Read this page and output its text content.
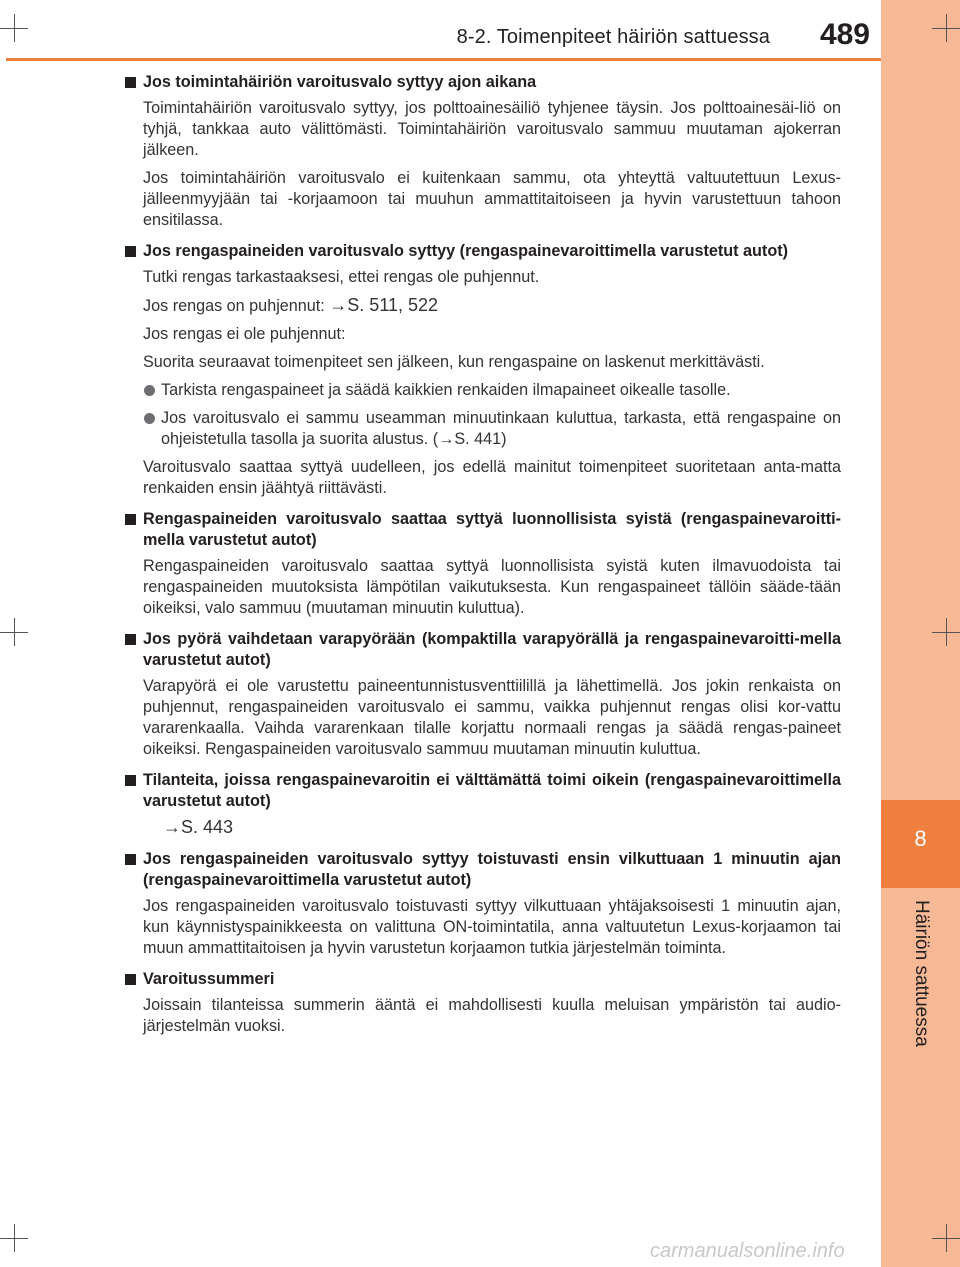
8
Häiriön sattuessa
8-2. Toimenpiteet häiriön sattuessa	489
Jos toimintahäiriön varoitusvalo syttyy ajon aikana

Toimintahäiriön varoitusvalo syttyy, jos polttoainesäiliö tyhjenee täysin. Jos polttoainesäi-liö on tyhjä, tankkaa auto välittömästi. Toimintahäiriön varoitusvalo sammuu muutaman ajokerran jälkeen.

Jos toimintahäiriön varoitusvalo ei kuitenkaan sammu, ota yhteyttä valtuutettuun Lexus-jälleenmyyjään tai -korjaamoon tai muuhun ammattitaitoiseen ja hyvin varustettuun tahoon ensitilassa.

Jos rengaspaineiden varoitusvalo syttyy (rengaspainevaroittimella varustetut autot)

Tutki rengas tarkastaaksesi, ettei rengas ole puhjennut.

Jos rengas on puhjennut: →S. 511, 522

Jos rengas ei ole puhjennut:

Suorita seuraavat toimenpiteet sen jälkeen, kun rengaspaine on laskenut merkittävästi.

Tarkista rengaspaineet ja säädä kaikkien renkaiden ilmapaineet oikealle tasolle.
Jos varoitusvalo ei sammu useamman minuutinkaan kuluttua, tarkasta, että rengaspaine on ohjeistetulla tasolla ja suorita alustus. (→S. 441)

Varoitusvalo saattaa syttyä uudelleen, jos edellä mainitut toimenpiteet suoritetaan anta-matta renkaiden ensin jäähtyä riittävästi.

Rengaspaineiden varoitusvalo saattaa syttyä luonnollisista syistä (rengaspainevaroitti-mella varustetut autot)

Rengaspaineiden varoitusvalo saattaa syttyä luonnollisista syistä kuten ilmavuodoista tai rengaspaineiden muutoksista lämpötilan vaikutuksesta. Kun rengaspaineet tällöin sääde-tään oikeiksi, valo sammuu (muutaman minuutin kuluttua).

Jos pyörä vaihdetaan varapyörään (kompaktilla varapyörällä ja rengaspainevaroitti-mella varustetut autot)

Varapyörä ei ole varustettu paineentunnistusventtiilillä ja lähettimellä. Jos jokin renkaista on puhjennut, rengaspaineiden varoitusvalo ei sammu, vaikka puhjennut rengas olisi kor-vattu vararenkaalla. Vaihda vararenkaan tilalle korjattu normaali rengas ja säädä rengas-paineet oikeiksi. Rengaspaineiden varoitusvalo sammuu muutaman minuutin kuluttua.

Tilanteita, joissa rengaspainevaroitin ei välttämättä toimi oikein (rengaspainevaroittimella varustetut autot)

→S. 443

Jos rengaspaineiden varoitusvalo syttyy toistuvasti ensin vilkuttuaan 1 minuutin ajan (rengaspainevaroittimella varustetut autot)

Jos rengaspaineiden varoitusvalo toistuvasti syttyy vilkuttuaan yhtäjaksoisesti 1 minuutin ajan, kun käynnistyspainikkeesta on valittuna ON-toimintatila, anna valtuutetun Lexus-korjaamon tai muun ammattitaitoisen ja hyvin varustetun korjaamon tutkia järjestelmän toiminta.

Varoitussummeri

Joissain tilanteissa summerin ääntä ei mahdollisesti kuulla meluisan ympäristön tai audio-järjestelmän vuoksi.

carmanualsonline.info
